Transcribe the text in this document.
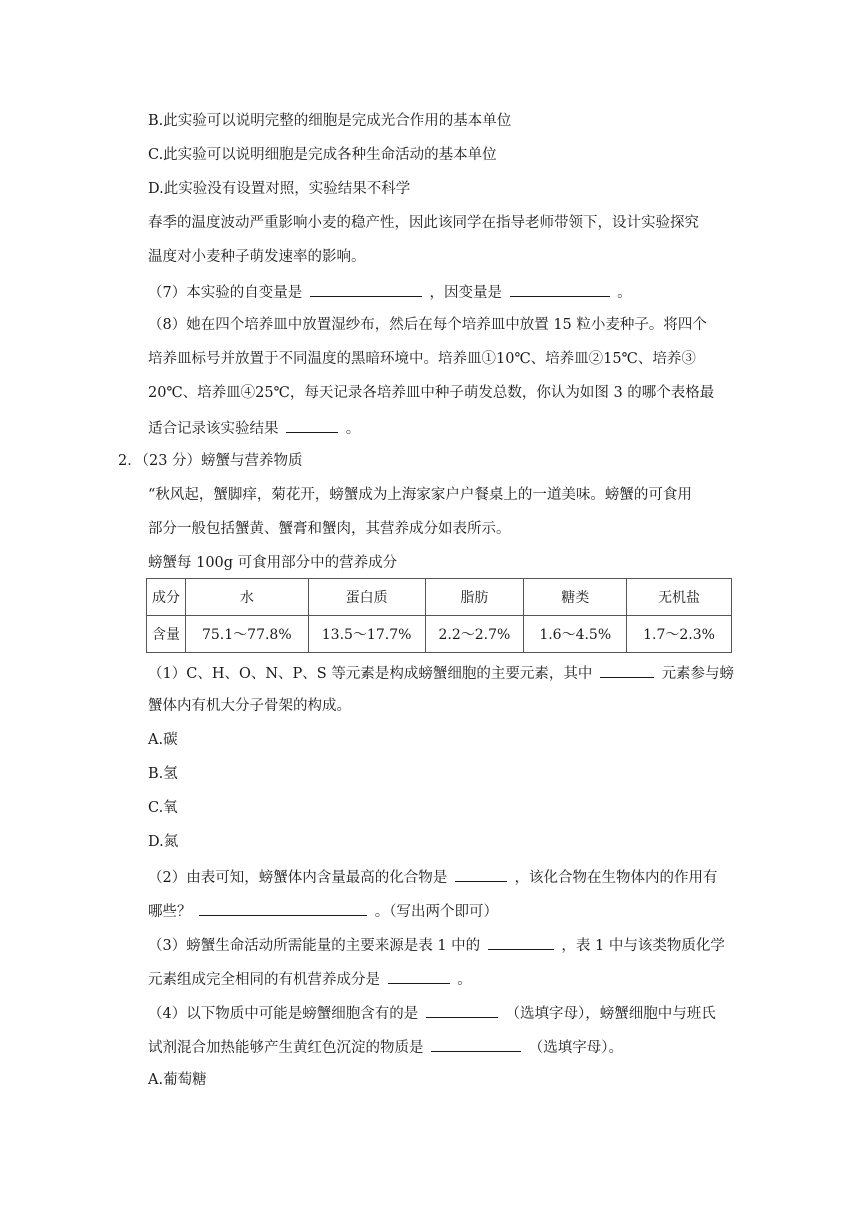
B.此实验可以说明完整的细胞是完成光合作用的基本单位
C.此实验可以说明细胞是完成各种生命活动的基本单位
D.此实验没有设置对照，实验结果不科学
春季的温度波动严重影响小麦的稳产性，因此该同学在指导老师带领下，设计实验探究
温度对小麦种子萌发速率的影响。
（7）本实验的自变量是	，因变量是	。
（8）她在四个培养皿中放置湿纱布，然后在每个培养皿中放置 15 粒小麦种子。将四个
培养皿标号并放置于不同温度的黑暗环境中。培养皿①10℃、培养皿②15℃、培养③
20℃、培养皿④25℃，每天记录各培养皿中种子萌发总数，你认为如图 3 的哪个表格最
适合记录该实验结果	。
2．（23 分）螃蟹与营养物质
“秋风起，蟹脚痒，菊花开，螃蟹成为上海家家户户餐桌上的一道美味。螃蟹的可食用
部分一般包括蟹黄、蟹膏和蟹肉，其营养成分如表所示。
螃蟹每 100g 可食用部分中的营养成分
成分	水	蛋白质	脂肪	糖类	无机盐
含量	75.1～77.8%	13.5～17.7%	2.2～2.7%	1.6～4.5%	1.7～2.3%
（1）C、H、O、N、P、S 等元素是构成螃蟹细胞的主要元素，其中	元素参与螃
蟹体内有机大分子骨架的构成。
A.碳
B.氢
C.氧
D.氮
（2）由表可知，螃蟹体内含量最高的化合物是	，该化合物在生物体内的作用有
哪些？	。（写出两个即可）
（3）螃蟹生命活动所需能量的主要来源是表 1 中的	，表 1 中与该类物质化学
元素组成完全相同的有机营养成分是	。
（4）以下物质中可能是螃蟹细胞含有的是	（选填字母），螃蟹细胞中与班氏
试剂混合加热能够产生黄红色沉淀的物质是	（选填字母）。
A.葡萄糖
